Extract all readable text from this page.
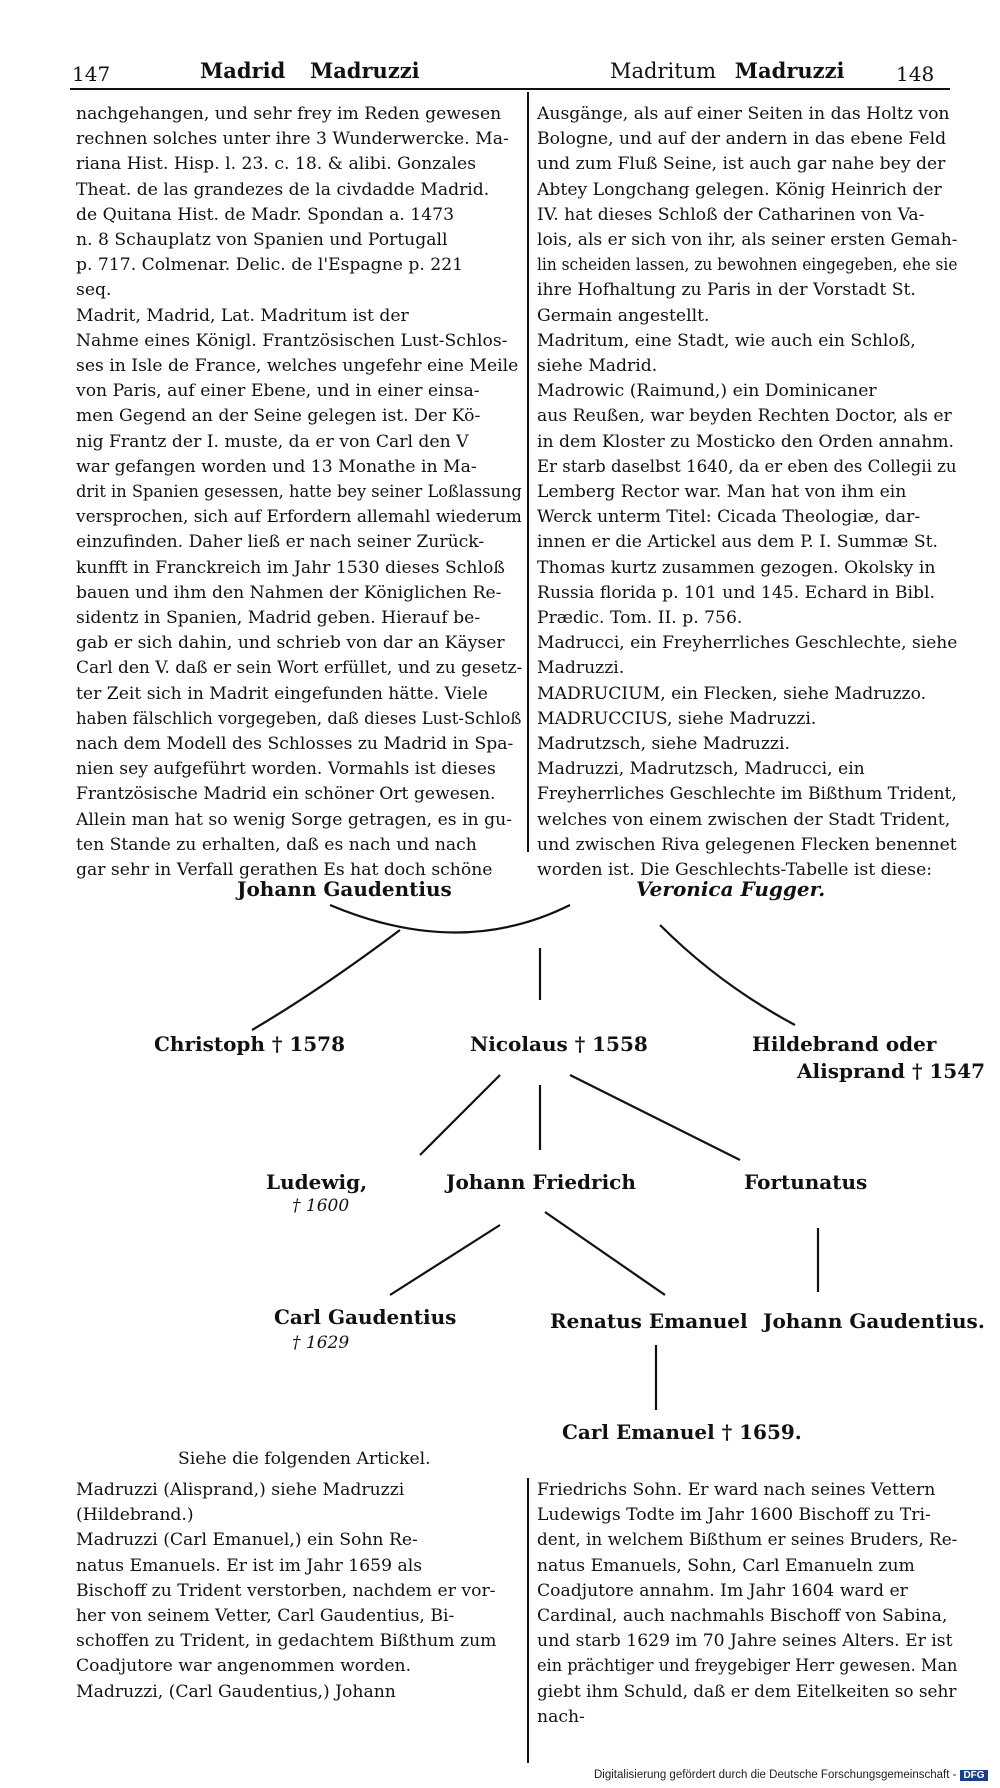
147	Madrid Madruzzi	Madritum Madruzzi	148

nachgehangen, und sehr frey im Reden gewesen

rechnen solches unter ihre 3 Wunderwercke. Ma-

riana Hist. Hisp. l. 23. c. 18. & alibi. Gonzales

Theat. de las grandezes de la civdadde Madrid.

de Quitana Hist. de Madr. Spondan a. 1473

n. 8 Schauplatz von Spanien und Portugall

p. 717. Colmenar. Delic. de l'Espagne p. 221

seq.

Madrit, Madrid, Lat. Madritum ist der

Nahme eines Königl. Frantzösischen Lust-Schlos-

ses in Isle de France, welches ungefehr eine Meile

von Paris, auf einer Ebene, und in einer einsa-

men Gegend an der Seine gelegen ist. Der Kö-

nig Frantz der I. muste, da er von Carl den V

war gefangen worden und 13 Monathe in Ma-

drit in Spanien gesessen, hatte bey seiner Loßlassung

versprochen, sich auf Erfordern allemahl wiederum

einzufinden. Daher ließ er nach seiner Zurück-

kunfft in Franckreich im Jahr 1530 dieses Schloß

bauen und ihm den Nahmen der Königlichen Re-

sidentz in Spanien, Madrid geben. Hierauf be-

gab er sich dahin, und schrieb von dar an Käyser

Carl den V. daß er sein Wort erfüllet, und zu gesetz-

ter Zeit sich in Madrit eingefunden hätte. Viele

haben fälschlich vorgegeben, daß dieses Lust-Schloß

nach dem Modell des Schlosses zu Madrid in Spa-

nien sey aufgeführt worden. Vormahls ist dieses

Frantzösische Madrid ein schöner Ort gewesen.

Allein man hat so wenig Sorge getragen, es in gu-

ten Stande zu erhalten, daß es nach und nach

gar sehr in Verfall gerathen Es hat doch schöne

Ausgänge, als auf einer Seiten in das Holtz von

Bologne, und auf der andern in das ebene Feld

und zum Fluß Seine, ist auch gar nahe bey der

Abtey Longchang gelegen. König Heinrich der

IV. hat dieses Schloß der Catharinen von Va-

lois, als er sich von ihr, als seiner ersten Gemah-

lin scheiden lassen, zu bewohnen eingegeben, ehe sie

ihre Hofhaltung zu Paris in der Vorstadt St.

Germain angestellt.

Madritum, eine Stadt, wie auch ein Schloß,

siehe Madrid.

Madrowic (Raimund,) ein Dominicaner

aus Reußen, war beyden Rechten Doctor, als er

in dem Kloster zu Mosticko den Orden annahm.

Er starb daselbst 1640, da er eben des Collegii zu

Lemberg Rector war. Man hat von ihm ein

Werck unterm Titel: Cicada Theologiæ, dar-

innen er die Artickel aus dem P. I. Summæ St.

Thomas kurtz zusammen gezogen. Okolsky in

Russia florida p. 101 und 145. Echard in Bibl.

Prædic. Tom. II. p. 756.

Madrucci, ein Freyherrliches Geschlechte, siehe

Madruzzi.

MADRUCIUM, ein Flecken, siehe Madruzzo.

MADRUCCIUS, siehe Madruzzi.

Madrutzsch, siehe Madruzzi.

Madruzzi, Madrutzsch, Madrucci, ein

Freyherrliches Geschlechte im Bißthum Trident,

welches von einem zwischen der Stadt Trident,

und zwischen Riva gelegenen Flecken benennet

worden ist. Die Geschlechts-Tabelle ist diese:

Johann Gaudentius	Veronica Fugger.
Christoph † 1578	Nicolaus † 1558	Hildebrand oder
Alisprand † 1547
Ludewig,
† 1600
Johann Friedrich	Fortunatus
Carl Gaudentius
† 1629
Renatus Emanuel Johann Gaudentius.
Carl Emanuel † 1659.

Siehe die folgenden Artickel.

Madruzzi (Alisprand,) siehe Madruzzi

(Hildebrand.)

Madruzzi (Carl Emanuel,) ein Sohn Re-

natus Emanuels. Er ist im Jahr 1659 als

Bischoff zu Trident verstorben, nachdem er vor-

her von seinem Vetter, Carl Gaudentius, Bi-

schoffen zu Trident, in gedachtem Bißthum zum

Coadjutore war angenommen worden.

Madruzzi, (Carl Gaudentius,) Johann

Friedrichs Sohn. Er ward nach seines Vettern

Ludewigs Todte im Jahr 1600 Bischoff zu Tri-

dent, in welchem Bißthum er seines Bruders, Re-

natus Emanuels, Sohn, Carl Emanueln zum

Coadjutore annahm. Im Jahr 1604 ward er

Cardinal, auch nachmahls Bischoff von Sabina,

und starb 1629 im 70 Jahre seines Alters. Er ist

ein prächtiger und freygebiger Herr gewesen. Man

giebt ihm Schuld, daß er dem Eitelkeiten so sehr

nach-

Digitalisierung gefördert durch die Deutsche Forschungsgemeinschaft - DFG
